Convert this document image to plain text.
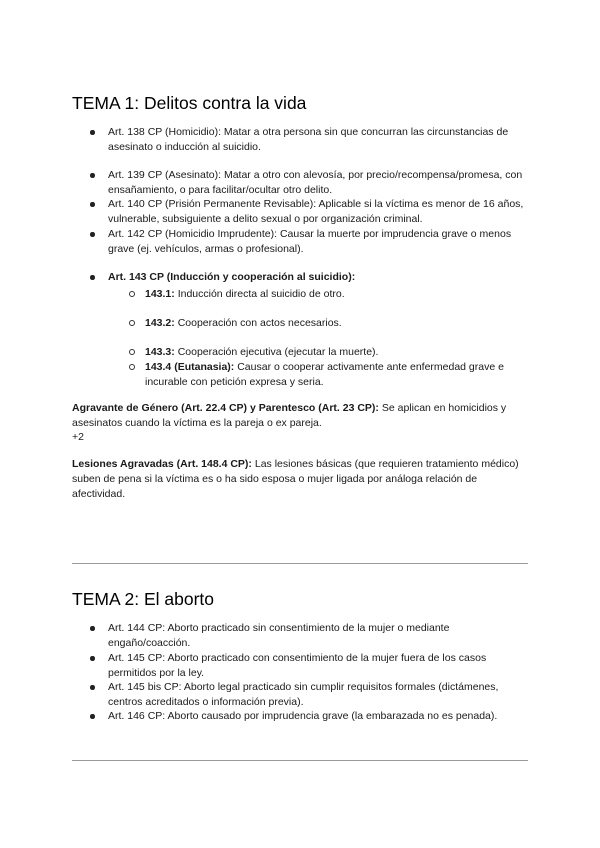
TEMA 1: Delitos contra la vida
Art. 138 CP (Homicidio): Matar a otra persona sin que concurran las circunstancias de asesinato o inducción al suicidio.
Art. 139 CP (Asesinato): Matar a otro con alevosía, por precio/recompensa/promesa, con ensañamiento, o para facilitar/ocultar otro delito.
Art. 140 CP (Prisión Permanente Revisable): Aplicable si la víctima es menor de 16 años, vulnerable, subsiguiente a delito sexual o por organización criminal.
Art. 142 CP (Homicidio Imprudente): Causar la muerte por imprudencia grave o menos grave (ej. vehículos, armas o profesional).
Art. 143 CP (Inducción y cooperación al suicidio):
143.1: Inducción directa al suicidio de otro.
143.2: Cooperación con actos necesarios.
143.3: Cooperación ejecutiva (ejecutar la muerte).
143.4 (Eutanasia): Causar o cooperar activamente ante enfermedad grave e incurable con petición expresa y seria.
Agravante de Género (Art. 22.4 CP) y Parentesco (Art. 23 CP): Se aplican en homicidios y asesinatos cuando la víctima es la pareja o ex pareja.
+2
Lesiones Agravadas (Art. 148.4 CP): Las lesiones básicas (que requieren tratamiento médico) suben de pena si la víctima es o ha sido esposa o mujer ligada por análoga relación de afectividad.
TEMA 2: El aborto
Art. 144 CP: Aborto practicado sin consentimiento de la mujer o mediante engaño/coacción.
Art. 145 CP: Aborto practicado con consentimiento de la mujer fuera de los casos permitidos por la ley.
Art. 145 bis CP: Aborto legal practicado sin cumplir requisitos formales (dictámenes, centros acreditados o información previa).
Art. 146 CP: Aborto causado por imprudencia grave (la embarazada no es penada).
